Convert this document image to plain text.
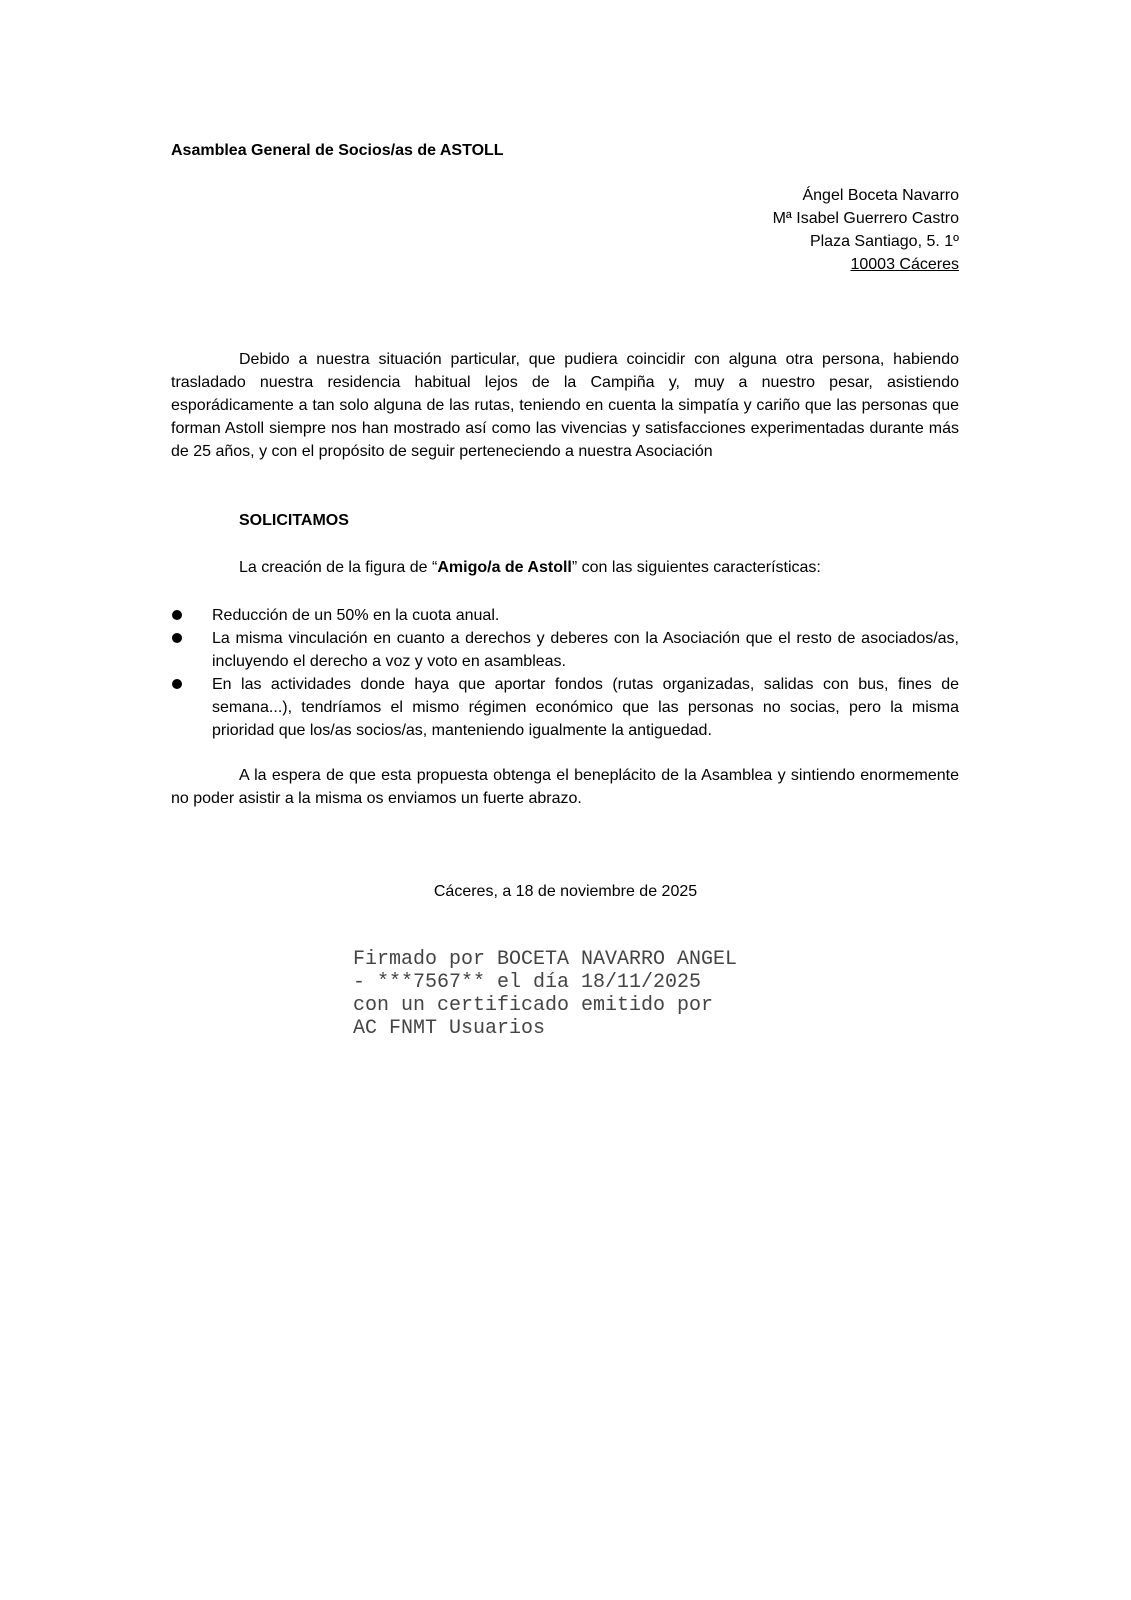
Asamblea General de Socios/as de ASTOLL

Ángel Boceta Navarro
Mª Isabel Guerrero Castro
Plaza Santiago, 5. 1º
10003 Cáceres

Debido a nuestra situación particular, que pudiera coincidir con alguna otra persona, habiendo trasladado nuestra residencia habitual lejos de la Campiña y, muy a nuestro pesar, asistiendo esporádicamente a tan solo alguna de las rutas, teniendo en cuenta la simpatía y cariño que las personas que forman Astoll siempre nos han mostrado así como las vivencias y satisfacciones experimentadas durante más de 25 años, y con el propósito de seguir perteneciendo a nuestra Asociación

SOLICITAMOS

La creación de la figura de “Amigo/a de Astoll” con las siguientes características:

Reducción de un 50% en la cuota anual.
La misma vinculación en cuanto a derechos y deberes con la Asociación que el resto de asociados/as, incluyendo el derecho a voz y voto en asambleas.
En las actividades donde haya que aportar fondos (rutas organizadas, salidas con bus, fines de semana...), tendríamos el mismo régimen económico que las personas no socias, pero la misma prioridad que los/as socios/as, manteniendo igualmente la antiguedad.

A la espera de que esta propuesta obtenga el beneplácito de la Asamblea y sintiendo enormemente no poder asistir a la misma os enviamos un fuerte abrazo.

Cáceres, a 18 de noviembre de 2025

Firmado por BOCETA NAVARRO ANGEL
- ***7567** el día 18/11/2025
con un certificado emitido por
AC FNMT Usuarios
